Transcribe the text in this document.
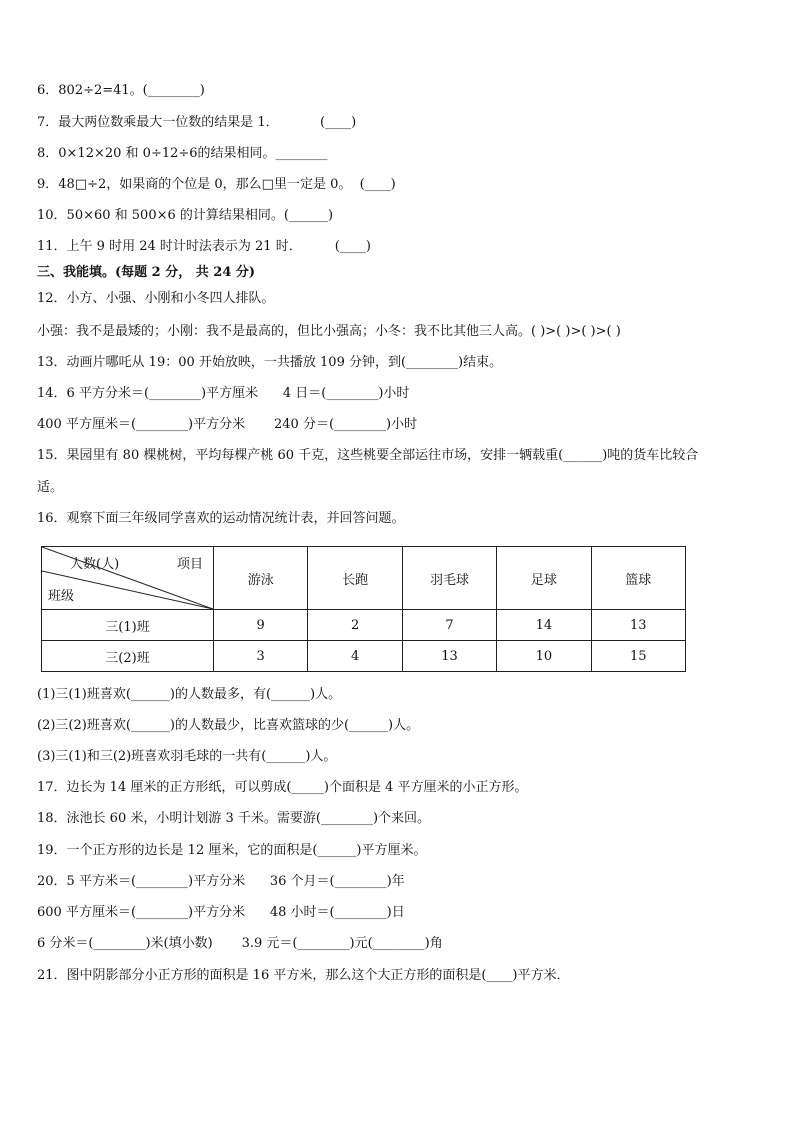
6．802÷2=41。(________)
7．最大两位数乘最大一位数的结果是 1．          (____)
8．0×12×20 和 0÷12÷6的结果相同。________
9．48□÷2，如果商的个位是 0，那么□里一定是 0。  (____)
10．50×60 和 500×6 的计算结果相同。(______)
11．上午 9 时用 24 时计时法表示为 21 时．        (____)
三、我能填。(每题 2 分， 共 24 分)
12．小方、小强、小刚和小冬四人排队。
小强：我不是最矮的；小刚：我不是最高的，但比小强高；小冬：我不比其他三人高。( )>( )>( )>( )
13．动画片哪吒从 19：00 开始放映，一共播放 109 分钟，到(________)结束。
14．6 平方分米＝(________)平方厘米      4 日＝(________)小时
400 平方厘米＝(________)平方分米       240 分＝(________)小时
15．果园里有 80 棵桃树，平均每棵产桃 60 千克，这些桃要全部运往市场，安排一辆载重(______)吨的货车比较合
适。
16．观察下面三年级同学喜欢的运动情况统计表，并回答问题。
人数(人) 项目
班级	游泳	长跑	羽毛球	足球	篮球
三(1)班	9	2	7	14	13
三(2)班	3	4	13	10	15
(1)三(1)班喜欢(______)的人数最多，有(______)人。
(2)三(2)班喜欢(______)的人数最少，比喜欢篮球的少(______)人。
(3)三(1)和三(2)班喜欢羽毛球的一共有(______)人。
17．边长为 14 厘米的正方形纸，可以剪成(_____)个面积是 4 平方厘米的小正方形。
18．泳池长 60 米，小明计划游 3 千米。需要游(________)个来回。
19．一个正方形的边长是 12 厘米，它的面积是(______)平方厘米。
20．5 平方米＝(________)平方分米      36 个月＝(________)年
600 平方厘米＝(________)平方分米      48 小时＝(________)日
6 分米＝(________)米(填小数)       3.9 元＝(________)元(________)角
21．图中阴影部分小正方形的面积是 16 平方米，那么这个大正方形的面积是(____)平方米．
